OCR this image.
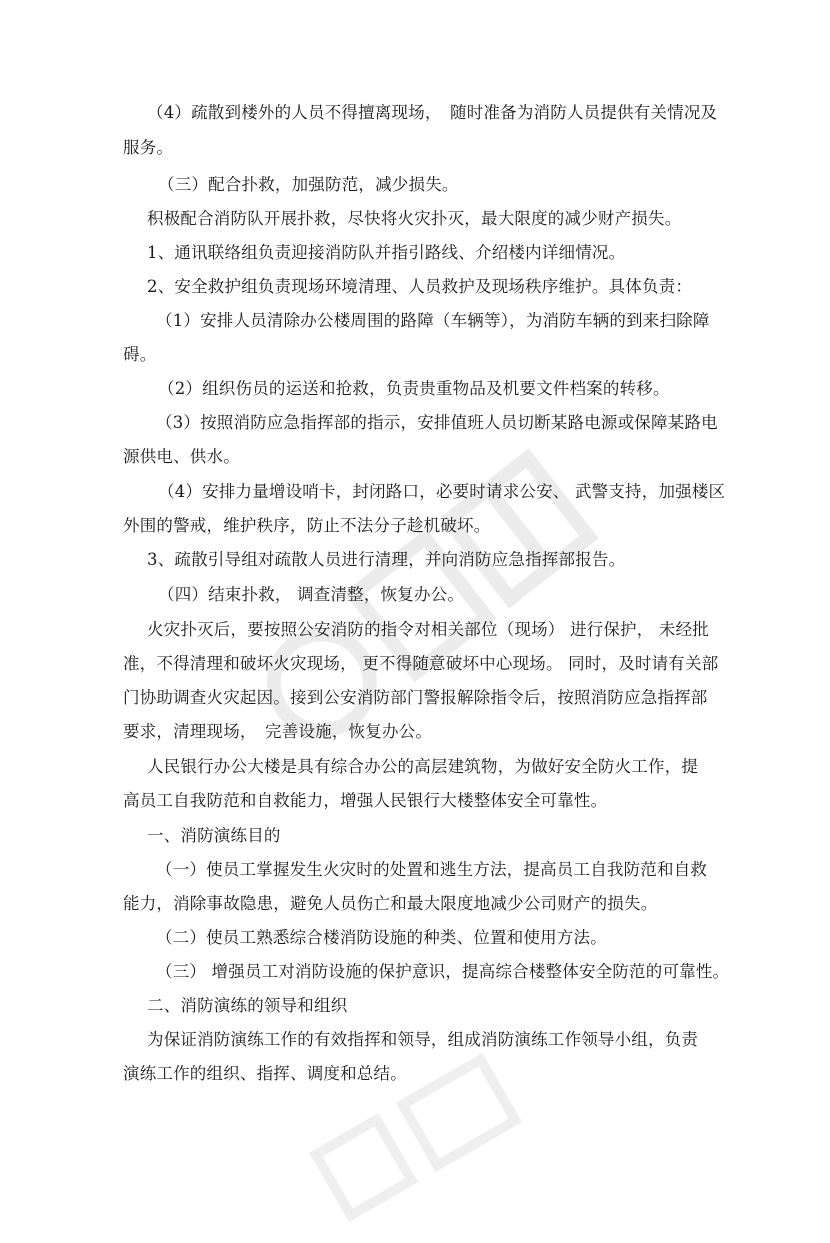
（4）疏散到楼外的人员不得擅离现场，　随时准备为消防人员提供有关情况及
服务。
（三）配合扑救，加强防范，减少损失。
积极配合消防队开展扑救，尽快将火灾扑灭，最大限度的减少财产损失。
1、通讯联络组负责迎接消防队并指引路线、介绍楼内详细情况。
2、安全救护组负责现场环境清理、人员救护及现场秩序维护。具体负责：
（1）安排人员清除办公楼周围的路障（车辆等），为消防车辆的到来扫除障
碍。
（2）组织伤员的运送和抢救，负责贵重物品及机要文件档案的转移。
（3）按照消防应急指挥部的指示，安排值班人员切断某路电源或保障某路电
源供电、供水。
（4）安排力量增设哨卡，封闭路口，必要时请求公安、 武警支持，加强楼区
外围的警戒，维护秩序，防止不法分子趁机破坏。
3、疏散引导组对疏散人员进行清理，并向消防应急指挥部报告。
（四）结束扑救， 调查清整，恢复办公。
火灾扑灭后，要按照公安消防的指令对相关部位（现场） 进行保护， 未经批
准，不得清理和破坏火灾现场， 更不得随意破坏中心现场。 同时，及时请有关部
门协助调查火灾起因。接到公安消防部门警报解除指令后，按照消防应急指挥部
要求，清理现场，　完善设施，恢复办公。
人民银行办公大楼是具有综合办公的高层建筑物，为做好安全防火工作，提
高员工自我防范和自救能力，增强人民银行大楼整体安全可靠性。
一、消防演练目的
（一）使员工掌握发生火灾时的处置和逃生方法，提高员工自我防范和自救
能力，消除事故隐患，避免人员伤亡和最大限度地减少公司财产的损失。
（二）使员工熟悉综合楼消防设施的种类、位置和使用方法。
（三） 增强员工对消防设施的保护意识，提高综合楼整体安全防范的可靠性。
二、消防演练的领导和组织
为保证消防演练工作的有效指挥和领导，组成消防演练工作领导小组，负责
演练工作的组织、指挥、调度和总结。
